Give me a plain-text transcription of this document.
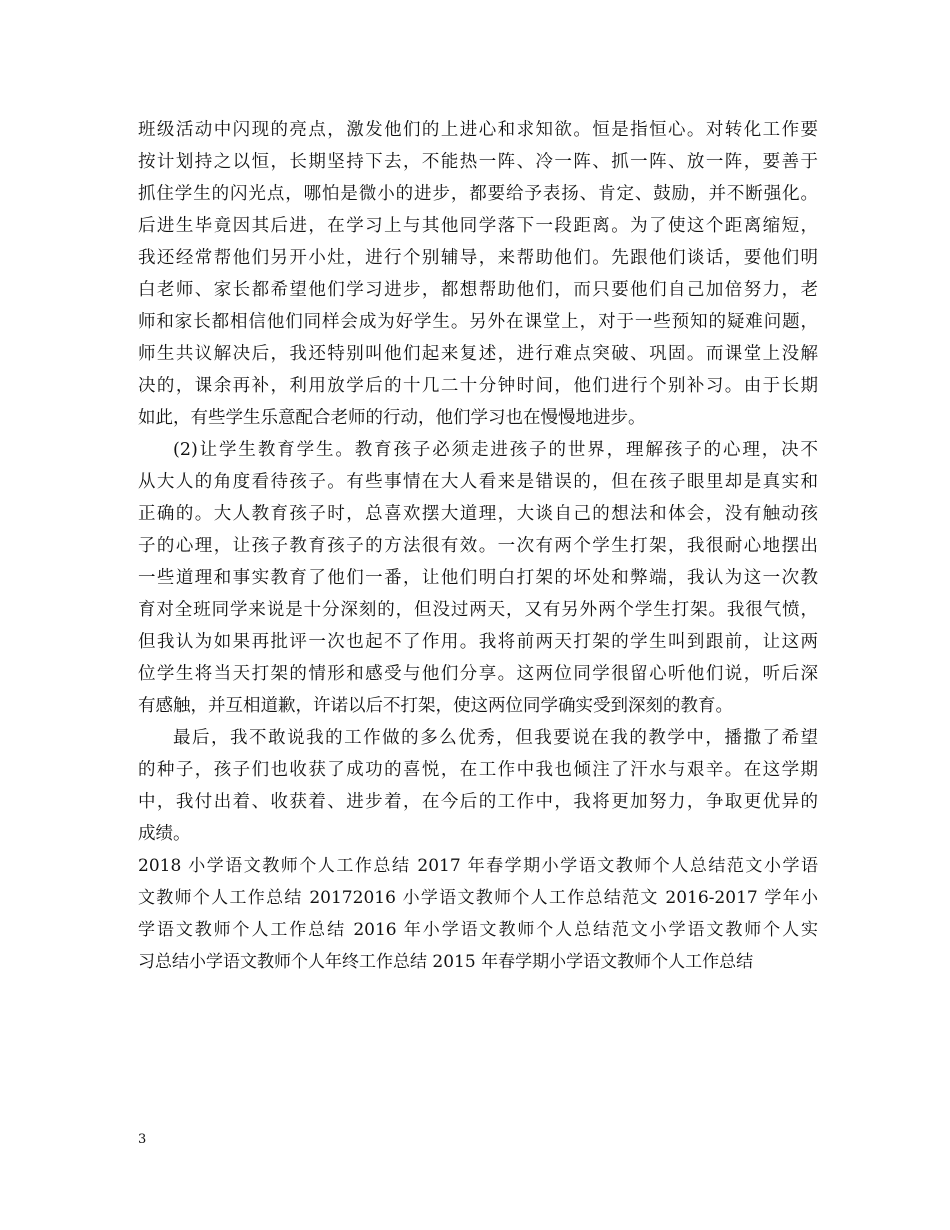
班级活动中闪现的亮点，激发他们的上进心和求知欲。恒是指恒心。对转化工作要
按计划持之以恒，长期坚持下去，不能热一阵、冷一阵、抓一阵、放一阵，要善于
抓住学生的闪光点，哪怕是微小的进步，都要给予表扬、肯定、鼓励，并不断强化。
后进生毕竟因其后进，在学习上与其他同学落下一段距离。为了使这个距离缩短，
我还经常帮他们另开小灶，进行个别辅导，来帮助他们。先跟他们谈话，要他们明
白老师、家长都希望他们学习进步，都想帮助他们，而只要他们自己加倍努力，老
师和家长都相信他们同样会成为好学生。另外在课堂上，对于一些预知的疑难问题，
师生共议解决后，我还特别叫他们起来复述，进行难点突破、巩固。而课堂上没解
决的，课余再补，利用放学后的十几二十分钟时间，他们进行个别补习。由于长期
如此，有些学生乐意配合老师的行动，他们学习也在慢慢地进步。
(2)让学生教育学生。教育孩子必须走进孩子的世界，理解孩子的心理，决不
从大人的角度看待孩子。有些事情在大人看来是错误的，但在孩子眼里却是真实和
正确的。大人教育孩子时，总喜欢摆大道理，大谈自己的想法和体会，没有触动孩
子的心理，让孩子教育孩子的方法很有效。一次有两个学生打架，我很耐心地摆出
一些道理和事实教育了他们一番，让他们明白打架的坏处和弊端，我认为这一次教
育对全班同学来说是十分深刻的，但没过两天，又有另外两个学生打架。我很气愤，
但我认为如果再批评一次也起不了作用。我将前两天打架的学生叫到跟前，让这两
位学生将当天打架的情形和感受与他们分享。这两位同学很留心听他们说，听后深
有感触，并互相道歉，许诺以后不打架，使这两位同学确实受到深刻的教育。
最后，我不敢说我的工作做的多么优秀，但我要说在我的教学中，播撒了希望
的种子，孩子们也收获了成功的喜悦，在工作中我也倾注了汗水与艰辛。在这学期
中，我付出着、收获着、进步着，在今后的工作中，我将更加努力，争取更优异的
成绩。
2018 小学语文教师个人工作总结 2017 年春学期小学语文教师个人总结范文小学语
文教师个人工作总结 20172016 小学语文教师个人工作总结范文 2016-2017 学年小
学语文教师个人工作总结 2016 年小学语文教师个人总结范文小学语文教师个人实
习总结小学语文教师个人年终工作总结 2015 年春学期小学语文教师个人工作总结
3
